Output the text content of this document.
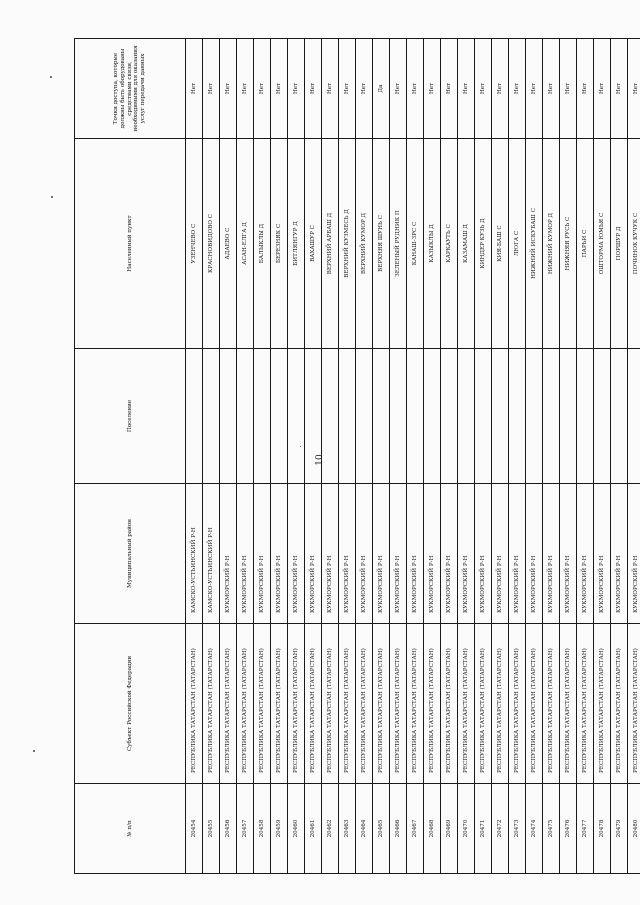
10
№ п/п	Субъект Российской Федерации	Муниципальный район	Поселение	Населенный пункт	Точки доступа, которые должны быть оборудованы средствами связи, необходимыми для оказания услуг передачи данных
20454	РЕСПУБЛИКА ТАТАРСТАН (ТАТАРСТАН)	КАМСКО-УСТЬИНСКИЙ Р-Н		УЗЕНЧЕВО С	Нет
20455	РЕСПУБЛИКА ТАТАРСТАН (ТАТАРСТАН)	КАМСКО-УСТЬИНСКИЙ Р-Н		КРАСНОВИДОВО С	Нет
20456	РЕСПУБЛИКА ТАТАРСТАН (ТАТАРСТАН)	КУКМОРСКИЙ Р-Н		АДАЕВО С	Нет
20457	РЕСПУБЛИКА ТАТАРСТАН (ТАТАРСТАН)	КУКМОРСКИЙ Р-Н		АСАН-ЕЛГА Д	Нет
20458	РЕСПУБЛИКА ТАТАРСТАН (ТАТАРСТАН)	КУКМОРСКИЙ Р-Н		БАЛЫКЛЫ Д	Нет
20459	РЕСПУБЛИКА ТАТАРСТАН (ТАТАРСТАН)	КУКМОРСКИЙ Р-Н		БЕРЕЗНЯК С	Нет
20460	РЕСПУБЛИКА ТАТАРСТАН (ТАТАРСТАН)	КУКМОРСКИЙ Р-Н		БИТЛЯНГУР Д	Нет
20461	РЕСПУБЛИКА ТАТАРСТАН (ТАТАРСТАН)	КУКМОРСКИЙ Р-Н		ВАХАШУР С	Нет
20462	РЕСПУБЛИКА ТАТАРСТАН (ТАТАРСТАН)	КУКМОРСКИЙ Р-Н		ВЕРХНИЙ АРБАШ Д	Нет
20463	РЕСПУБЛИКА ТАТАРСТАН (ТАТАРСТАН)	КУКМОРСКИЙ Р-Н		ВЕРХНИЙ КУЗМЕСЬ Д	Нет
20464	РЕСПУБЛИКА ТАТАРСТАН (ТАТАРСТАН)	КУКМОРСКИЙ Р-Н		ВЕРХНИЙ КУМОР Д	Нет
20465	РЕСПУБЛИКА ТАТАРСТАН (ТАТАРСТАН)	КУКМОРСКИЙ Р-Н		ВЕРХНЯЯ ШУНЬ С	Да
20466	РЕСПУБЛИКА ТАТАРСТАН (ТАТАРСТАН)	КУКМОРСКИЙ Р-Н		ЗЕЛЕНЫЙ РУДНИК П	Нет
20467	РЕСПУБЛИКА ТАТАРСТАН (ТАТАРСТАН)	КУКМОРСКИЙ Р-Н		КАНАШ-ЗРС С	Нет
20468	РЕСПУБЛИКА ТАТАРСТАН (ТАТАРСТАН)	КУКМОРСКИЙ Р-Н		КАЗЫКЛЫ Д	Нет
20469	РЕСПУБЛИКА ТАТАРСТАН (ТАТАРСТАН)	КУКМОРСКИЙ Р-Н		КАРКАУТЬ С	Нет
20470	РЕСПУБЛИКА ТАТАРСТАН (ТАТАРСТАН)	КУКМОРСКИЙ Р-Н		КАЗАМАШ Д	Нет
20471	РЕСПУБЛИКА ТАТАРСТАН (ТАТАРСТАН)	КУКМОРСКИЙ Р-Н		КИНДЕР КУЗЬ Д	Нет
20472	РЕСПУБЛИКА ТАТАРСТАН (ТАТАРСТАН)	КУКМОРСКИЙ Р-Н		КИЯ-БАШ С	Нет
20473	РЕСПУБЛИКА ТАТАРСТАН (ТАТАРСТАН)	КУКМОРСКИЙ Р-Н		ЛЮГА С	Нет
20474	РЕСПУБЛИКА ТАТАРСТАН (ТАТАРСТАН)	КУКМОРСКИЙ Р-Н		НИЖНИЙ ИСКУБАШ С	Нет
20475	РЕСПУБЛИКА ТАТАРСТАН (ТАТАРСТАН)	КУКМОРСКИЙ Р-Н		НИЖНИЙ КУМОР Д	Нет
20476	РЕСПУБЛИКА ТАТАРСТАН (ТАТАРСТАН)	КУКМОРСКИЙ Р-Н		НИЖНЯЯ РУСЬ С	Нет
20477	РЕСПУБЛИКА ТАТАРСТАН (ТАТАРСТАН)	КУКМОРСКИЙ Р-Н		ПАРЬИ С	Нет
20478	РЕСПУБЛИКА ТАТАРСТАН (ТАТАРСТАН)	КУКМОРСКИЙ Р-Н		ОШТОРМА ЮМЬЯ С	Нет
20479	РЕСПУБЛИКА ТАТАРСТАН (ТАТАРСТАН)	КУКМОРСКИЙ Р-Н		ПОРШУР Д	Нет
20480	РЕСПУБЛИКА ТАТАРСТАН (ТАТАРСТАН)	КУКМОРСКИЙ Р-Н		ПОЧИНОК КУЧУК С	Нет
